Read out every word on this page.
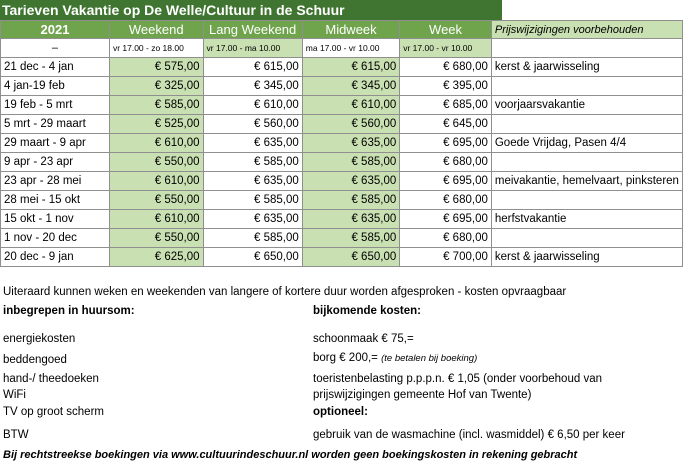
Tarieven Vakantie op De Welle/Cultuur in de Schuur
2021	Weekend	Lang Weekend	Midweek	Week	Prijswijzigingen voorbehouden
–	vr 17.00 - zo 18.00	vr 17.00 - ma 10.00	ma 17.00 - vr 10.00	vr 17.00 - vr 10.00	
21 dec - 4 jan	€ 575,00	€ 615,00	€ 615,00	€ 680,00	kerst & jaarwisseling
4 jan-19 feb	€ 325,00	€ 345,00	€ 345,00	€ 395,00	
19 feb - 5 mrt	€ 585,00	€ 610,00	€ 610,00	€ 685,00	voorjaarsvakantie
5 mrt - 29 maart	€ 525,00	€ 560,00	€ 560,00	€ 645,00	
29 maart - 9 apr	€ 610,00	€ 635,00	€ 635,00	€ 695,00	Goede Vrijdag, Pasen 4/4
9 apr - 23 apr	€ 550,00	€ 585,00	€ 585,00	€ 680,00	
23 apr - 28 mei	€ 610,00	€ 635,00	€ 635,00	€ 695,00	meivakantie, hemelvaart, pinksteren
28 mei - 15 okt	€ 550,00	€ 585,00	€ 585,00	€ 680,00	
15 okt - 1 nov	€ 610,00	€ 635,00	€ 635,00	€ 695,00	herfstvakantie
1 nov - 20 dec	€ 550,00	€ 585,00	€ 585,00	€ 680,00	
20 dec - 9 jan	€ 625,00	€ 650,00	€ 650,00	€ 700,00	kerst & jaarwisseling
Uiteraard kunnen weken en weekenden van langere of kortere duur worden afgesproken - kosten opvraagbaar
inbegrepen in huursom:
energiekosten
beddengoed
hand-/ theedoeken
WiFi
TV op groot scherm
BTW
bijkomende kosten:
schoonmaak € 75,=
borg € 200,= (te betalen bij boeking)
toeristenbelasting p.p.p.n. € 1,05 (onder voorbehoud van
prijswijzigingen gemeente Hof van Twente)
optioneel:
gebruik van de wasmachine (incl. wasmiddel) € 6,50 per keer
Bij rechtstreekse boekingen via www.cultuurindeschuur.nl worden geen boekingskosten in rekening gebracht
